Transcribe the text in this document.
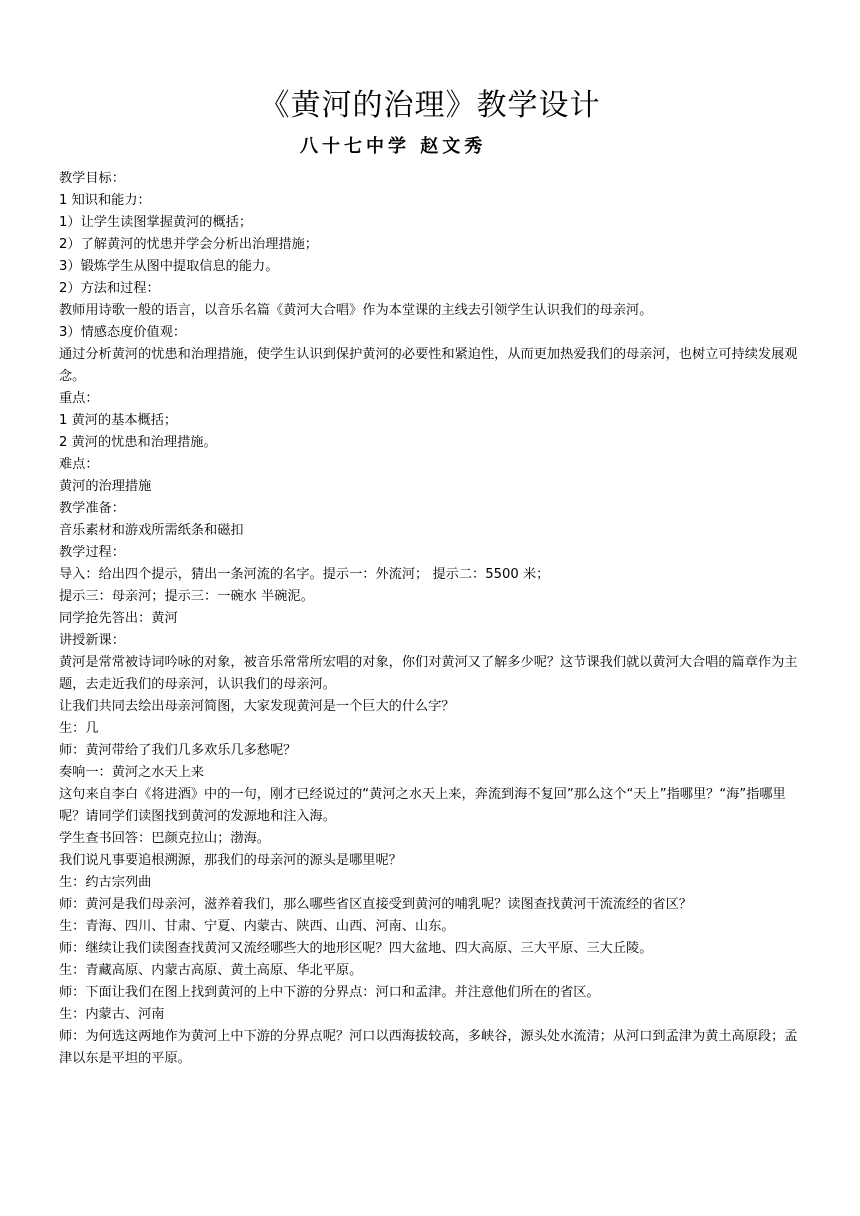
《黄河的治理》教学设计
八十七中学 赵文秀

教学目标：

1 知识和能力：

1）让学生读图掌握黄河的概括；

2）了解黄河的忧患并学会分析出治理措施；

3）锻炼学生从图中提取信息的能力。

2）方法和过程：

教师用诗歌一般的语言，以音乐名篇《黄河大合唱》作为本堂课的主线去引领学生认识我们的母亲河。

3）情感态度价值观：

通过分析黄河的忧患和治理措施，使学生认识到保护黄河的必要性和紧迫性，从而更加热爱我们的母亲河，也树立可持续发展观念。

重点：

1 黄河的基本概括；

2 黄河的忧患和治理措施。

难点：

黄河的治理措施

教学准备：

音乐素材和游戏所需纸条和磁扣

教学过程：

导入：给出四个提示，猜出一条河流的名字。提示一：外流河； 提示二：5500 米；

提示三：母亲河；提示三：一碗水 半碗泥。

同学抢先答出：黄河

讲授新课：

黄河是常常被诗词吟咏的对象，被音乐常常所宏唱的对象，你们对黄河又了解多少呢？这节课我们就以黄河大合唱的篇章作为主题，去走近我们的母亲河，认识我们的母亲河。

让我们共同去绘出母亲河简图，大家发现黄河是一个巨大的什么字？

生：几

师：黄河带给了我们几多欢乐几多愁呢？

奏响一：黄河之水天上来

这句来自李白《将进酒》中的一句，刚才已经说过的“黄河之水天上来，奔流到海不复回”那么这个“天上”指哪里？“海”指哪里呢？请同学们读图找到黄河的发源地和注入海。

学生查书回答：巴颜克拉山；渤海。

我们说凡事要追根溯源，那我们的母亲河的源头是哪里呢？

生：约古宗列曲

师：黄河是我们母亲河，滋养着我们，那么哪些省区直接受到黄河的哺乳呢？读图查找黄河干流流经的省区？

生：青海、四川、甘肃、宁夏、内蒙古、陕西、山西、河南、山东。

师：继续让我们读图查找黄河又流经哪些大的地形区呢？四大盆地、四大高原、三大平原、三大丘陵。

生：青藏高原、内蒙古高原、黄土高原、华北平原。

师：下面让我们在图上找到黄河的上中下游的分界点：河口和孟津。并注意他们所在的省区。

生：内蒙古、河南

师：为何选这两地作为黄河上中下游的分界点呢？河口以西海拔较高，多峡谷，源头处水流清；从河口到孟津为黄土高原段；孟津以东是平坦的平原。
